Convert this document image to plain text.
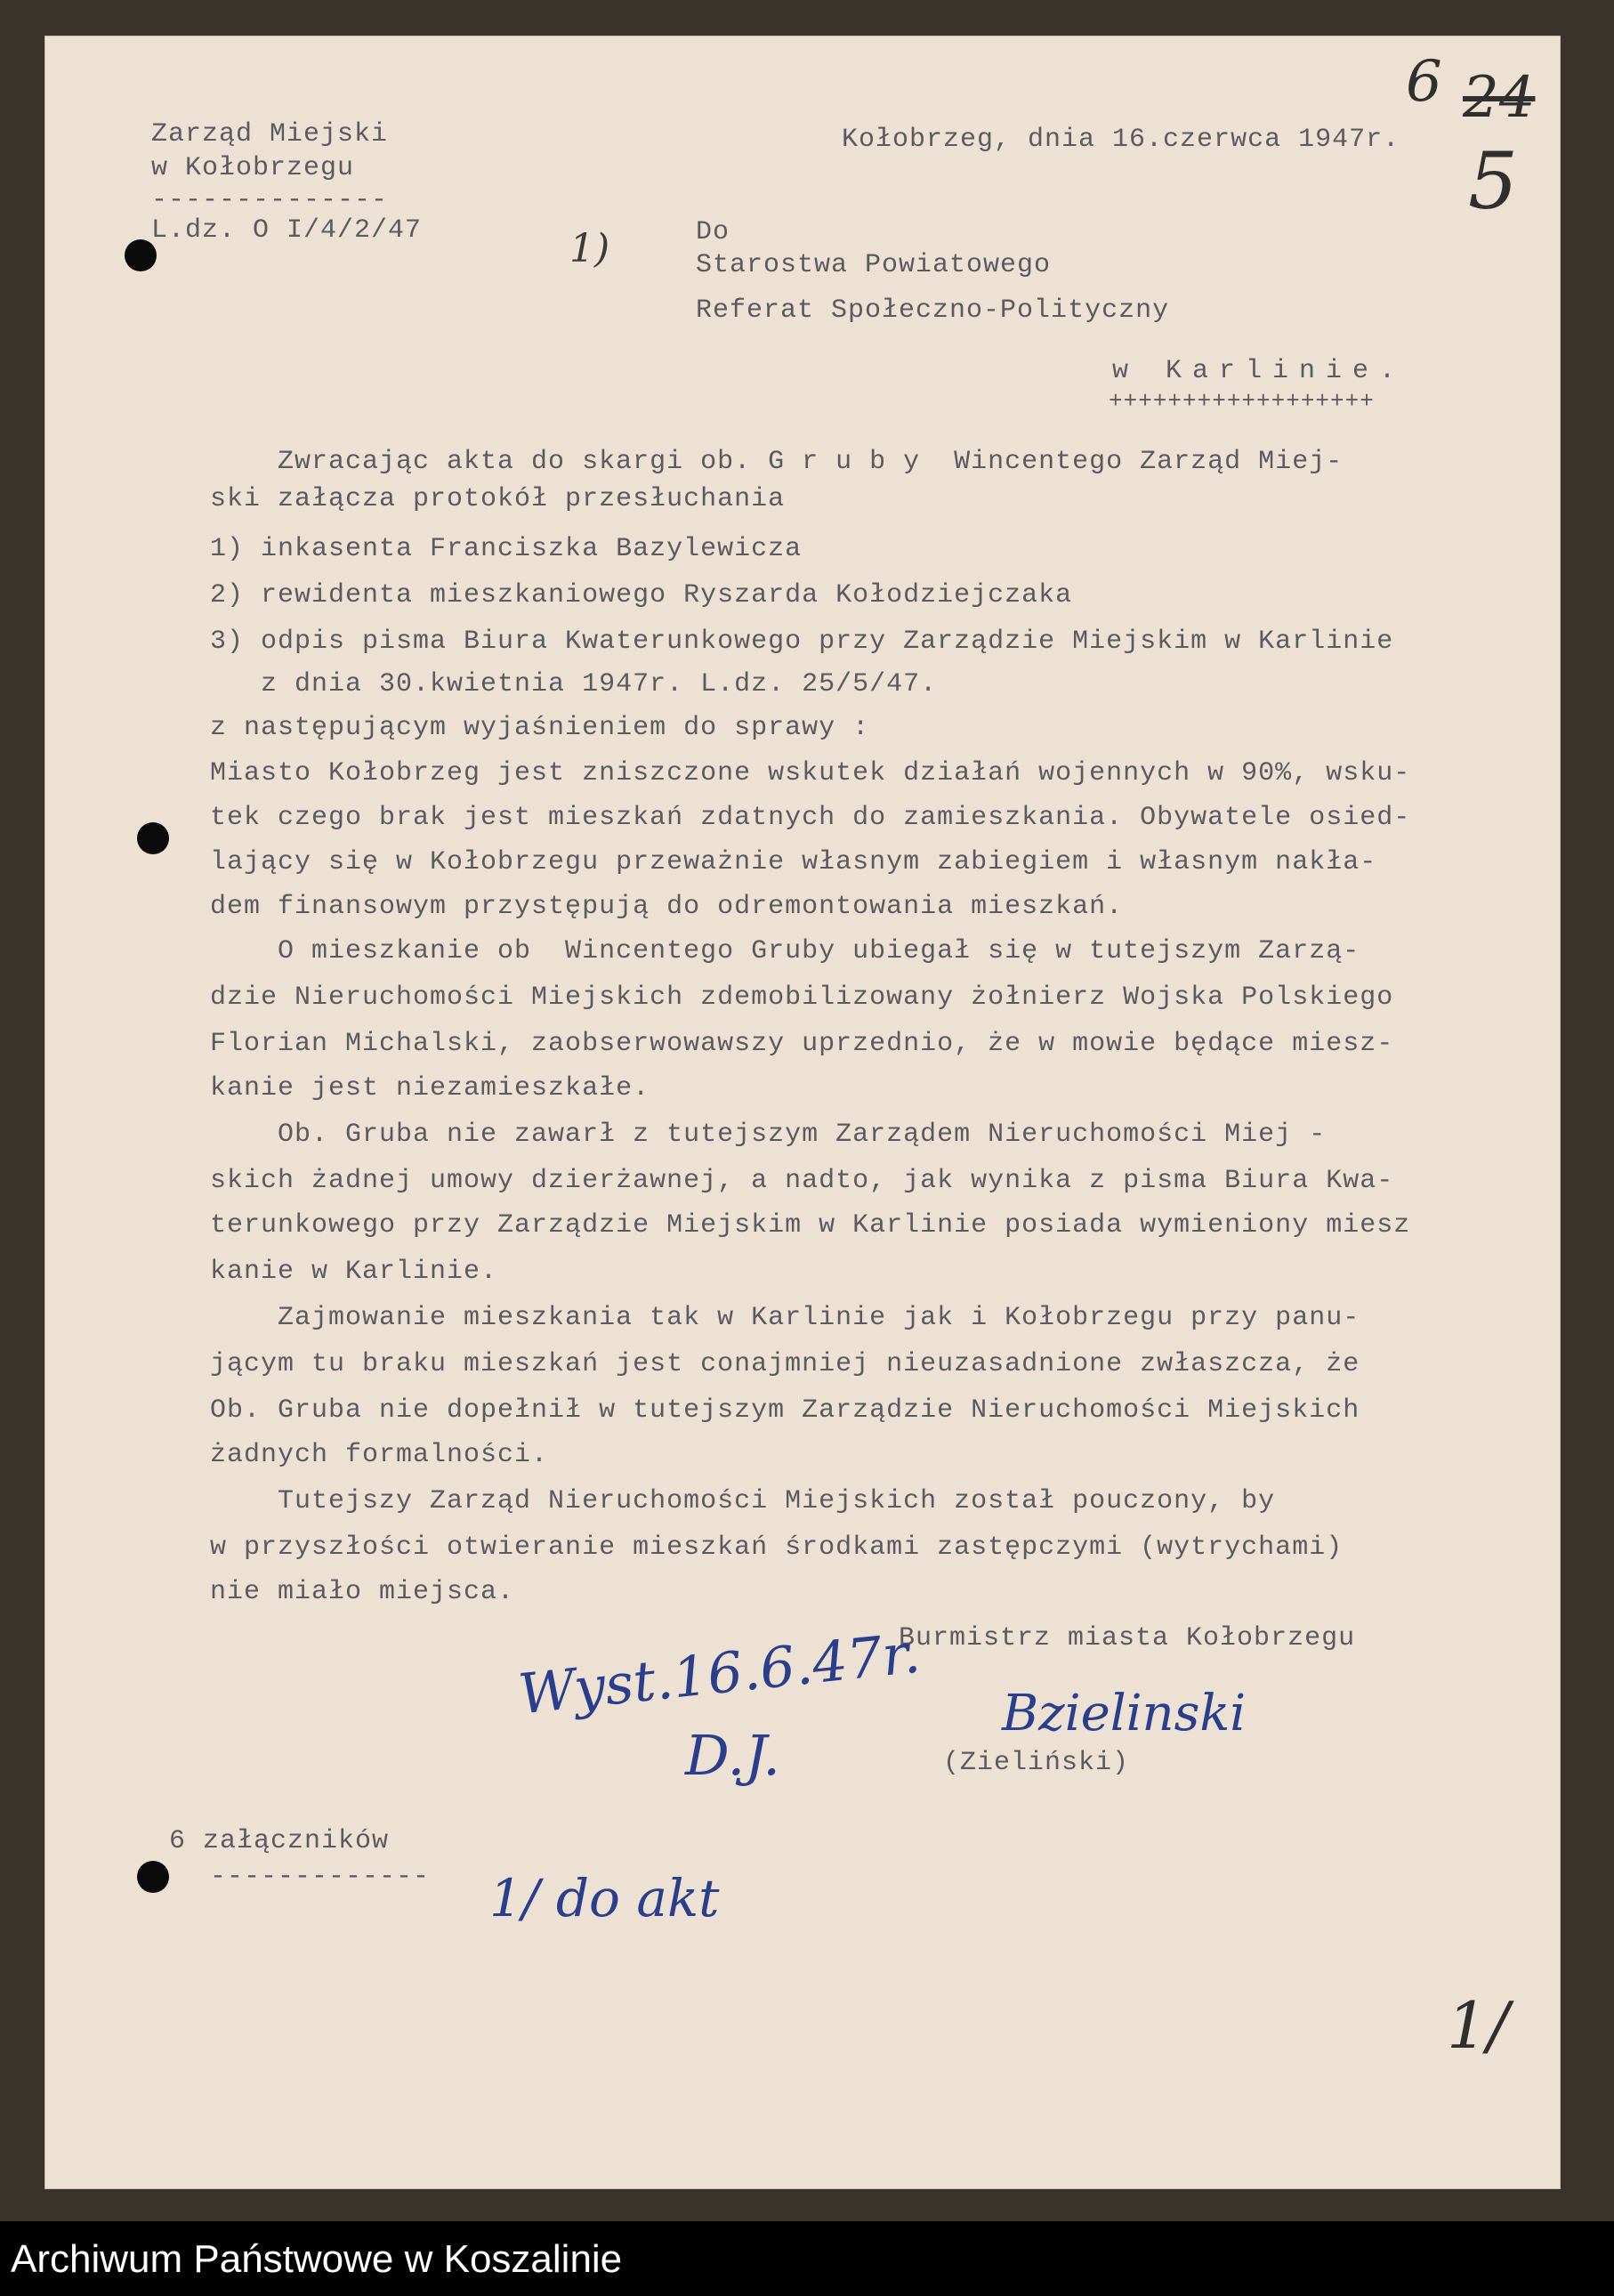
Zarząd Miejski
w Kołobrzegu
--------------
L.dz. O I/4/2/47
Kołobrzeg, dnia 16.czerwca 1947r.
1)	Do
Starostwa Powiatowego
Referat Społeczno-Polityczny
w Karlinie.
++++++++++++++++++
Zwracając akta do skargi ob. G r u b y  Wincentego Zarząd Miej-
ski załącza protokół przesłuchania
1) inkasenta Franciszka Bazylewicza
2) rewidenta mieszkaniowego Ryszarda Kołodziejczaka
3) odpis pisma Biura Kwaterunkowego przy Zarządzie Miejskim w Karlinie
z dnia 30.kwietnia 1947r. L.dz. 25/5/47.
z następującym wyjaśnieniem do sprawy :
Miasto Kołobrzeg jest zniszczone wskutek działań wojennych w 90%, wsku-
tek czego brak jest mieszkań zdatnych do zamieszkania. Obywatele osied-
lający się w Kołobrzegu przeważnie własnym zabiegiem i własnym nakła-
dem finansowym przystępują do odremontowania mieszkań.
O mieszkanie ob  Wincentego Gruby ubiegał się w tutejszym Zarzą-
dzie Nieruchomości Miejskich zdemobilizowany żołnierz Wojska Polskiego
Florian Michalski, zaobserwowawszy uprzednio, że w mowie będące miesz-
kanie jest niezamieszkałe.
Ob. Gruba nie zawarł z tutejszym Zarządem Nieruchomości Miej -
skich żadnej umowy dzierżawnej, a nadto, jak wynika z pisma Biura Kwa-
terunkowego przy Zarządzie Miejskim w Karlinie posiada wymieniony miesz
kanie w Karlinie.
Zajmowanie mieszkania tak w Karlinie jak i Kołobrzegu przy panu-
jącym tu braku mieszkań jest conajmniej nieuzasadnione zwłaszcza, że
Ob. Gruba nie dopełnił w tutejszym Zarządzie Nieruchomości Miejskich
żadnych formalności.
Tutejszy Zarząd Nieruchomości Miejskich został pouczony, by
w przyszłości otwieranie mieszkań środkami zastępczymi (wytrychami)
nie miało miejsca.
Burmistrz miasta Kołobrzegu
Bzielinski
(Zieliński)
Wyst.16.6.47r.
D.J.
6 załączników
------------- 1/ do akt
6 24
5
1/
Archiwum Państwowe w Koszalinie
